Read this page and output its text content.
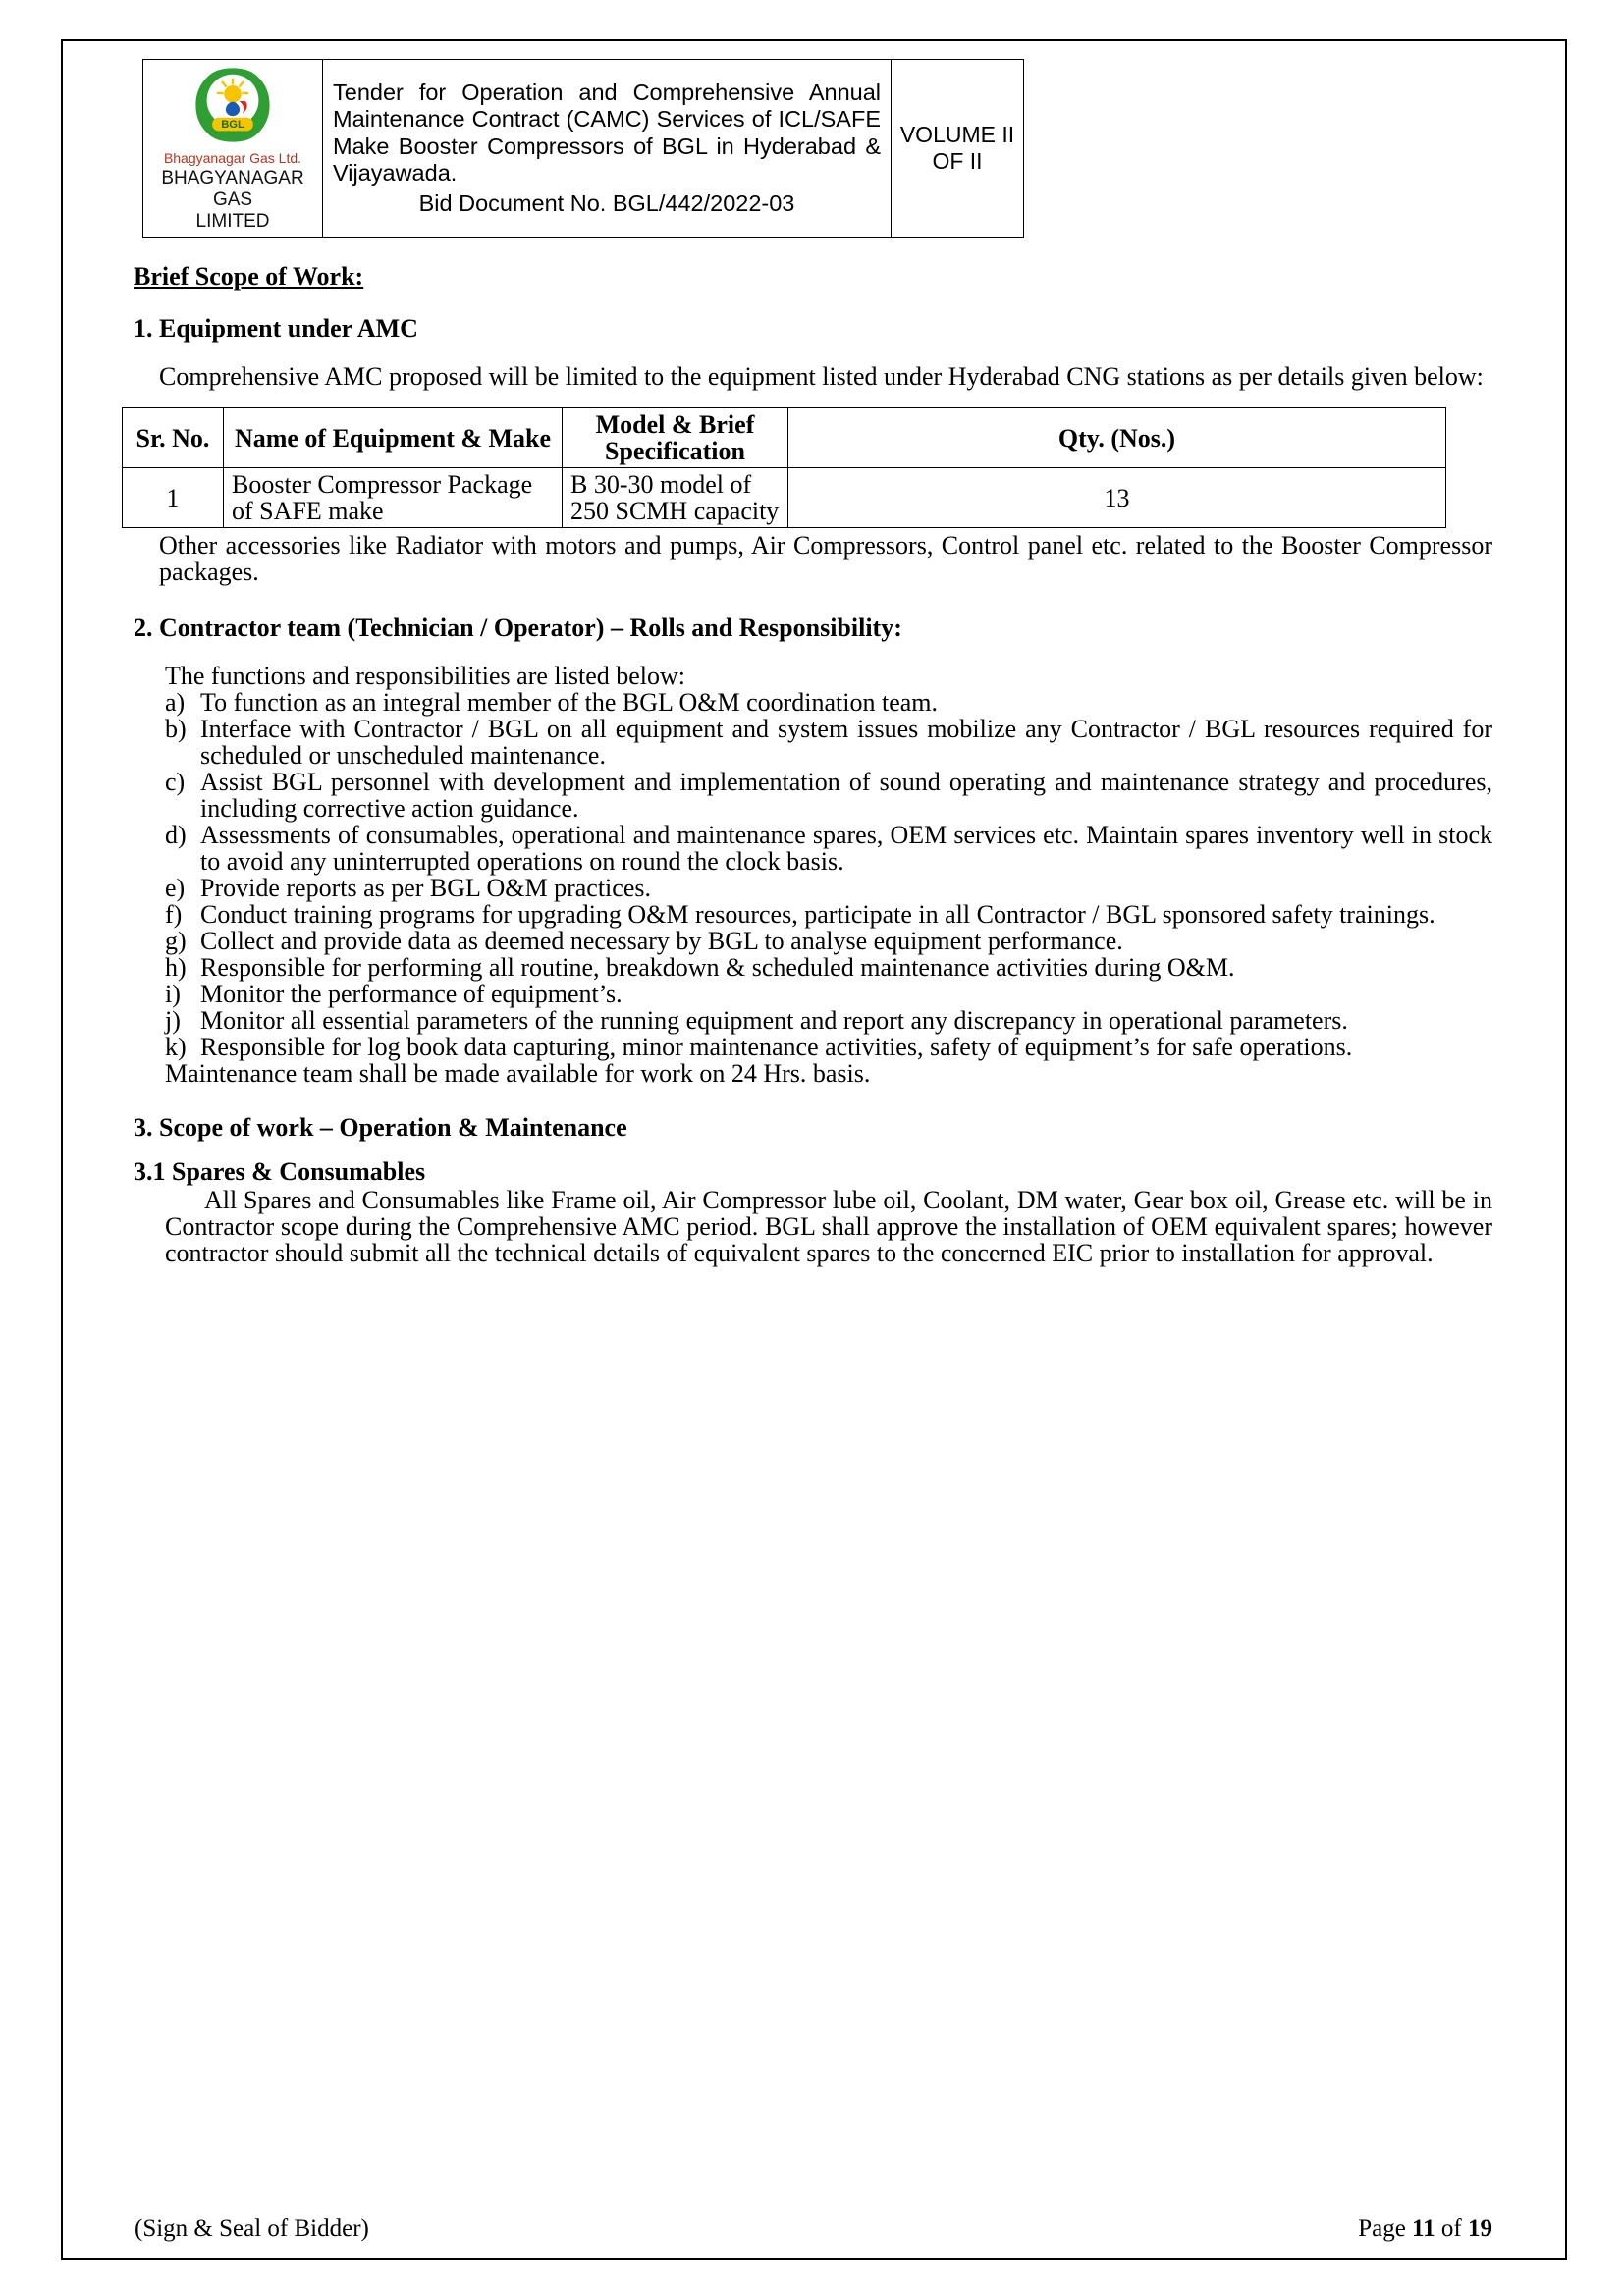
BGL
Bhagyanagar Gas Ltd.
BHAGYANAGAR GAS
LIMITED

Tender for Operation and Comprehensive Annual Maintenance Contract (CAMC) Services of ICL/SAFE Make Booster Compressors of BGL in Hyderabad & Vijayawada.
Bid Document No. BGL/442/2022-03

VOLUME II
OF II
Brief Scope of Work:
1. Equipment under AMC
Comprehensive AMC proposed will be limited to the equipment listed under Hyderabad CNG stations as per details given below:
Sr. No.	Name of Equipment & Make	Model & Brief Specification	Qty. (Nos.)
1	Booster Compressor Package of SAFE make	B 30-30 model of 250 SCMH capacity	13
Other accessories like Radiator with motors and pumps, Air Compressors, Control panel etc. related to the Booster Compressor packages.
2. Contractor team (Technician / Operator) – Rolls and Responsibility:
The functions and responsibilities are listed below:
a) To function as an integral member of the BGL O&M coordination team.
b) Interface with Contractor / BGL on all equipment and system issues mobilize any Contractor / BGL resources required for scheduled or unscheduled maintenance.
c) Assist BGL personnel with development and implementation of sound operating and maintenance strategy and procedures, including corrective action guidance.
d) Assessments of consumables, operational and maintenance spares, OEM services etc. Maintain spares inventory well in stock to avoid any uninterrupted operations on round the clock basis.
e) Provide reports as per BGL O&M practices.
f) Conduct training programs for upgrading O&M resources, participate in all Contractor / BGL sponsored safety trainings.
g) Collect and provide data as deemed necessary by BGL to analyse equipment performance.
h) Responsible for performing all routine, breakdown & scheduled maintenance activities during O&M.
i) Monitor the performance of equipment’s.
j) Monitor all essential parameters of the running equipment and report any discrepancy in operational parameters.
k) Responsible for log book data capturing, minor maintenance activities, safety of equipment’s for safe operations.
Maintenance team shall be made available for work on 24 Hrs. basis.
3. Scope of work – Operation & Maintenance
3.1 Spares & Consumables
All Spares and Consumables like Frame oil, Air Compressor lube oil, Coolant, DM water, Gear box oil, Grease etc. will be in Contractor scope during the Comprehensive AMC period. BGL shall approve the installation of OEM equivalent spares; however contractor should submit all the technical details of equivalent spares to the concerned EIC prior to installation for approval.
(Sign & Seal of Bidder)	Page 11 of 19
